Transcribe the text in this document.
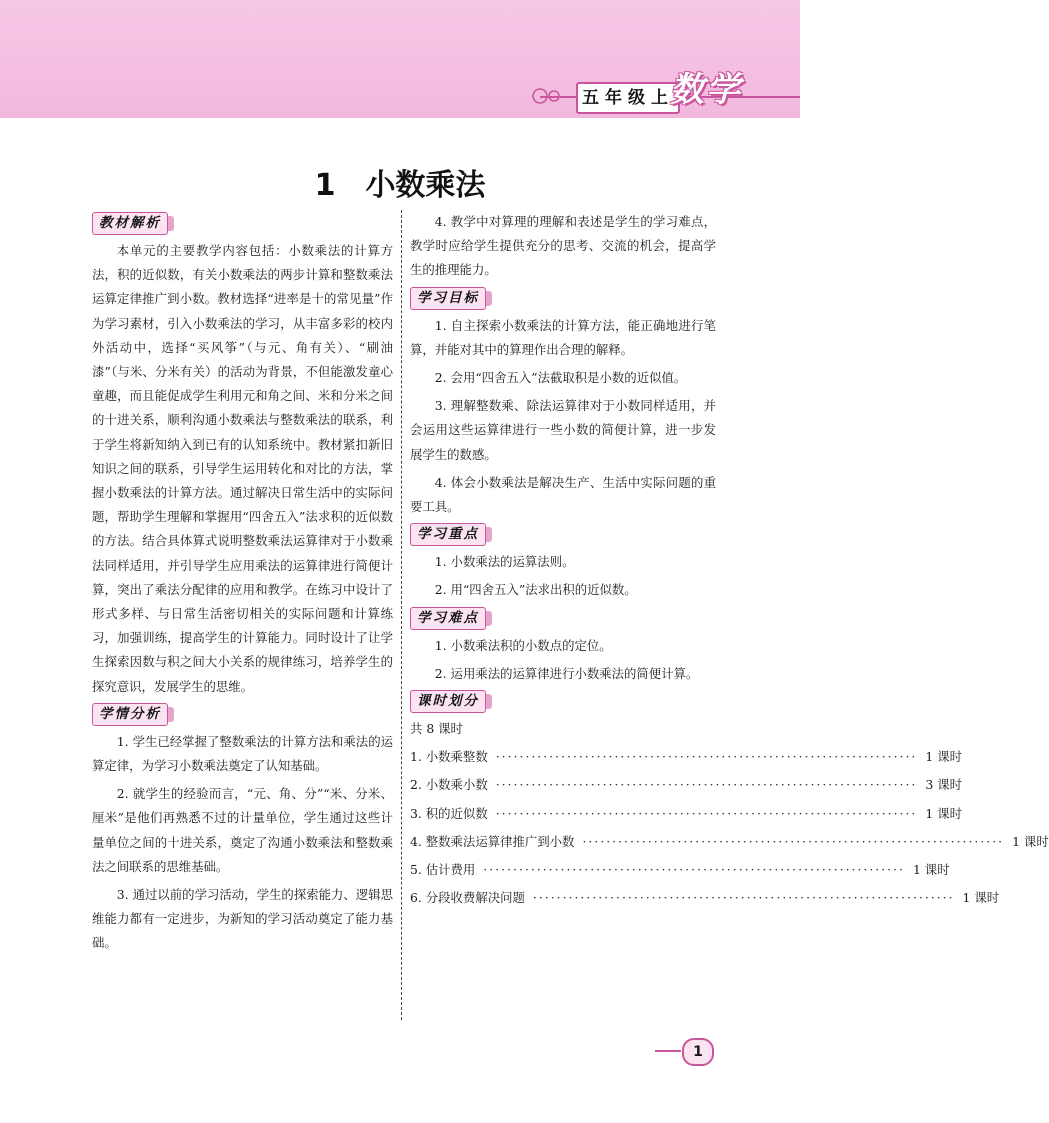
五年级上
数学
1 小数乘法
教材解析

本单元的主要教学内容包括：小数乘法的计算方法，积的近似数，有关小数乘法的两步计算和整数乘法运算定律推广到小数。教材选择“进率是十的常见量”作为学习素材，引入小数乘法的学习，从丰富多彩的校内外活动中，选择“买风筝”（与元、角有关）、“刷油漆”（与米、分米有关）的活动为背景，不但能激发童心童趣，而且能促成学生利用元和角之间、米和分米之间的十进关系，顺利沟通小数乘法与整数乘法的联系，利于学生将新知纳入到已有的认知系统中。教材紧扣新旧知识之间的联系，引导学生运用转化和对比的方法，掌握小数乘法的计算方法。通过解决日常生活中的实际问题，帮助学生理解和掌握用“四舍五入”法求积的近似数的方法。结合具体算式说明整数乘法运算律对于小数乘法同样适用，并引导学生应用乘法的运算律进行简便计算，突出了乘法分配律的应用和教学。在练习中设计了形式多样、与日常生活密切相关的实际问题和计算练习，加强训练，提高学生的计算能力。同时设计了让学生探索因数与积之间大小关系的规律练习，培养学生的探究意识，发展学生的思维。

学情分析

1. 学生已经掌握了整数乘法的计算方法和乘法的运算定律，为学习小数乘法奠定了认知基础。

2. 就学生的经验而言，“元、角、分”“米、分米、厘米”是他们再熟悉不过的计量单位，学生通过这些计量单位之间的十进关系，奠定了沟通小数乘法和整数乘法之间联系的思维基础。

3. 通过以前的学习活动，学生的探索能力、逻辑思维能力都有一定进步，为新知的学习活动奠定了能力基础。

4. 教学中对算理的理解和表述是学生的学习难点，教学时应给学生提供充分的思考、交流的机会，提高学生的推理能力。

学习目标

1. 自主探索小数乘法的计算方法，能正确地进行笔算，并能对其中的算理作出合理的解释。

2. 会用“四舍五入”法截取积是小数的近似值。

3. 理解整数乘、除法运算律对于小数同样适用，并会运用这些运算律进行一些小数的简便计算，进一步发展学生的数感。

4. 体会小数乘法是解决生产、生活中实际问题的重要工具。

学习重点

1. 小数乘法的运算法则。

2. 用“四舍五入”法求出积的近似数。

学习难点

1. 小数乘法积的小数点的定位。

2. 运用乘法的运算律进行小数乘法的简便计算。

课时划分
共 8 课时
1. 小数乘整数 ······································································· 1 课时
2. 小数乘小数 ······································································· 3 课时
3. 积的近似数 ······································································· 1 课时
4. 整数乘法运算律推广到小数 ······································································· 1 课时
5. 估计费用 ······································································· 1 课时
6. 分段收费解决问题 ······································································· 1 课时
1
